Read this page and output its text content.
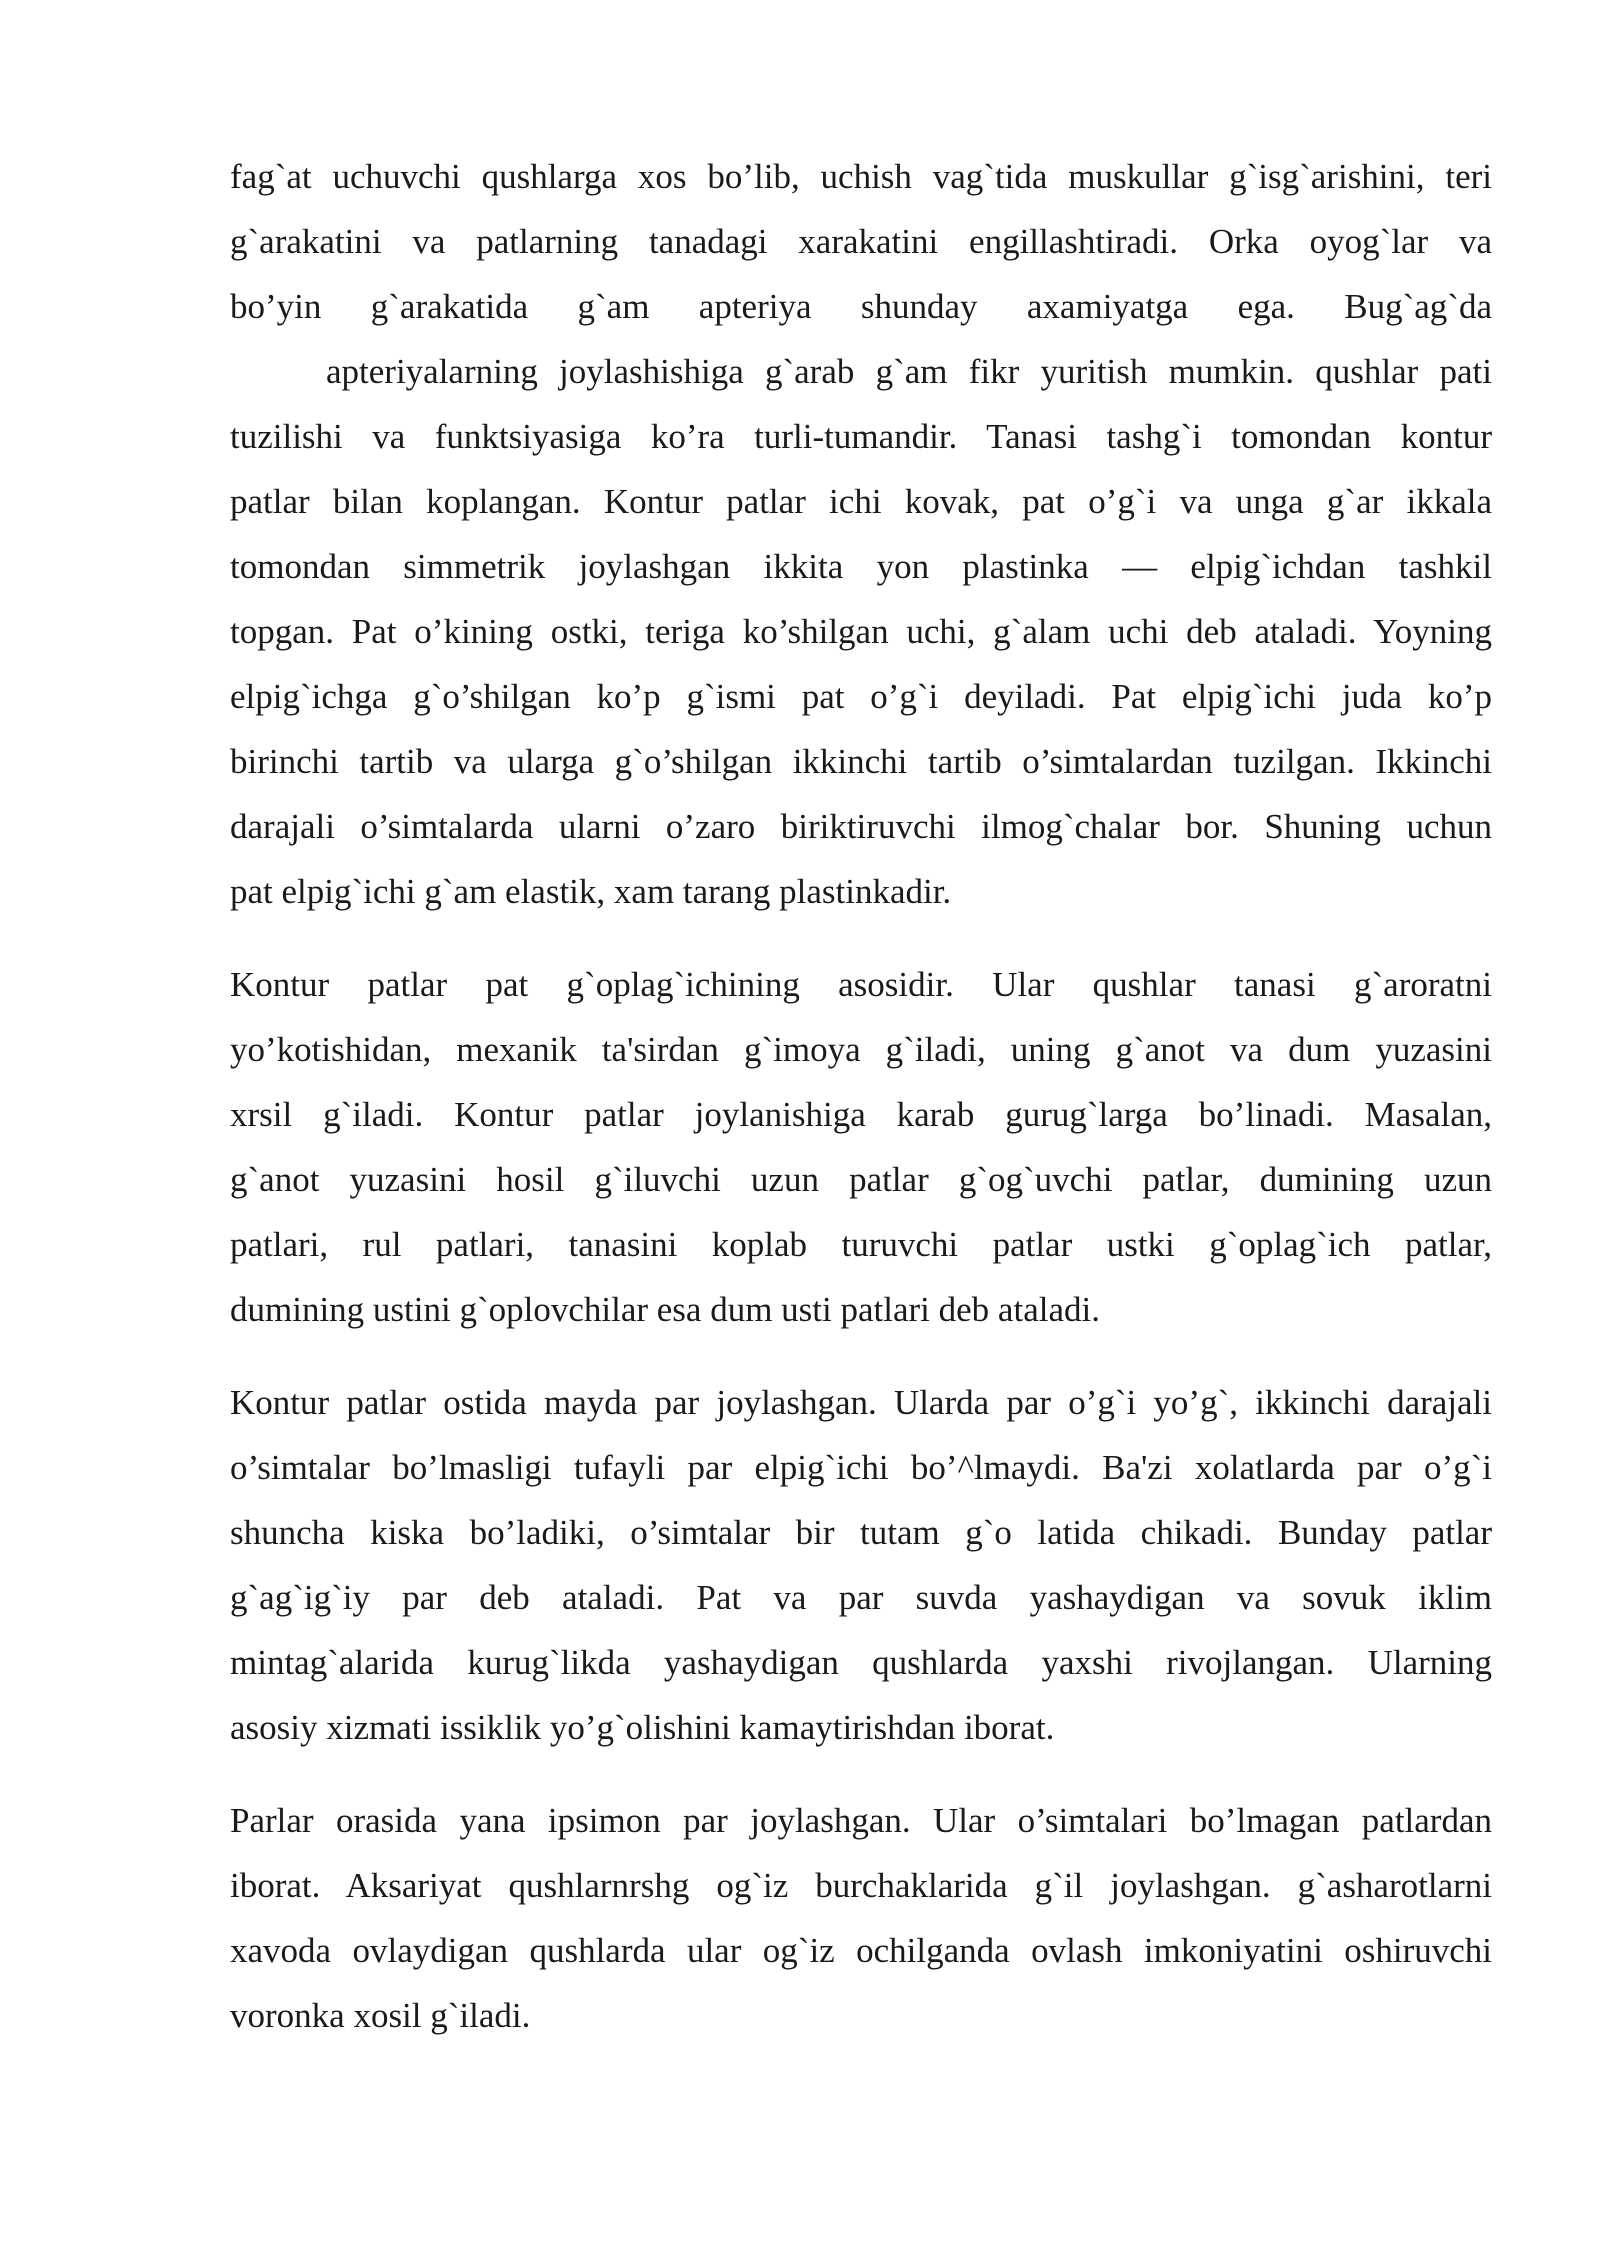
fag`at uchuvchi qushlarga xos bo’lib, uchish vag`tida muskullar g`isg`arishini, teri
g`arakatini va patlarning tanadagi xarakatini engillashtiradi. Orka oyog`lar va
bo’yin g`arakatida g`am apteriya shunday axamiyatga ega. Bug`ag`da
apteriyalarning joylashishiga g`arab g`am fikr yuritish mumkin. qushlar pati
tuzilishi va funktsiyasiga ko’ra turli-tumandir. Tanasi tashg`i tomondan kontur
patlar bilan koplangan. Kontur patlar ichi kovak, pat o’g`i va unga g`ar ikkala
tomondan simmetrik joylashgan ikkita yon plastinka — elpig`ichdan tashkil
topgan. Pat o’kining ostki, teriga ko’shilgan uchi, g`alam uchi deb ataladi. Yoyning
elpig`ichga g`o’shilgan ko’p g`ismi pat o’g`i deyiladi. Pat elpig`ichi juda ko’p
birinchi tartib va ularga g`o’shilgan ikkinchi tartib o’simtalardan tuzilgan. Ikkinchi
darajali o’simtalarda ularni o’zaro biriktiruvchi ilmog`chalar bor. Shuning uchun
pat elpig`ichi g`am elastik, xam tarang plastinkadir.
Kontur patlar pat g`oplag`ichining asosidir. Ular qushlar tanasi g`aroratni
yo’kotishidan, mexanik ta'sirdan g`imoya g`iladi, uning g`anot va dum yuzasini
xrsil g`iladi. Kontur patlar joylanishiga karab gurug`larga bo’linadi. Masalan,
g`anot yuzasini hosil g`iluvchi uzun patlar g`og`uvchi patlar, dumining uzun
patlari, rul patlari, tanasini koplab turuvchi patlar ustki g`oplag`ich patlar,
dumining ustini g`oplovchilar esa dum usti patlari deb ataladi.
Kontur patlar ostida mayda par joylashgan. Ularda par o’g`i yo’g`, ikkinchi darajali
o’simtalar bo’lmasligi tufayli par elpig`ichi bo’^lmaydi. Ba'zi xolatlarda par o’g`i
shuncha kiska bo’ladiki, o’simtalar bir tutam g`o latida chikadi. Bunday patlar
g`ag`ig`iy par deb ataladi. Pat va par suvda yashaydigan va sovuk iklim
mintag`alarida kurug`likda yashaydigan qushlarda yaxshi rivojlangan. Ularning
asosiy xizmati issiklik yo’g`olishini kamaytirishdan iborat.
Parlar orasida yana ipsimon par joylashgan. Ular o’simtalari bo’lmagan patlardan
iborat. Aksariyat qushlarnrshg og`iz burchaklarida g`il joylashgan. g`asharotlarni
xavoda ovlaydigan qushlarda ular og`iz ochilganda ovlash imkoniyatini oshiruvchi
voronka xosil g`iladi.
